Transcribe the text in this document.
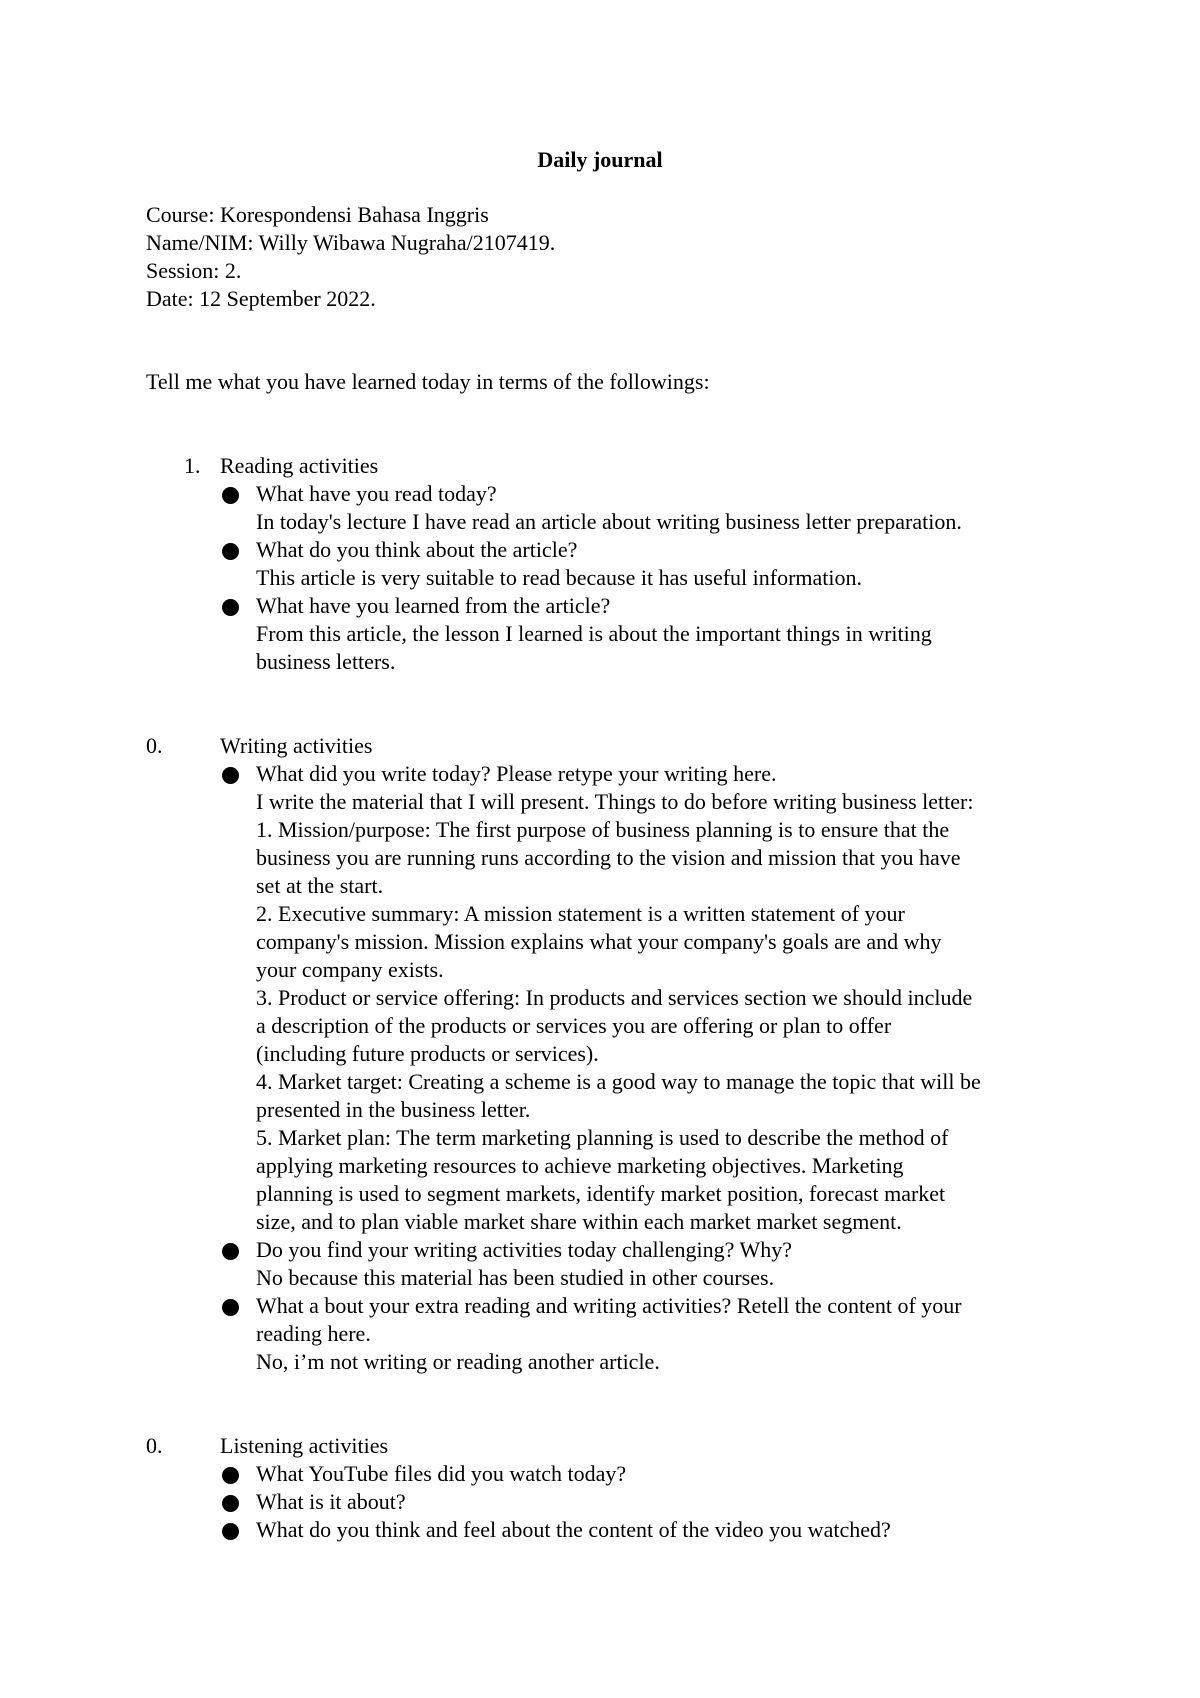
Daily journal
Course: Korespondensi Bahasa Inggris
Name/NIM: Willy Wibawa Nugraha/2107419.
Session: 2.
Date: 12 September 2022.
Tell me what you have learned today in terms of the followings:
1. Reading activities
What have you read today?
In today's lecture I have read an article about writing business letter preparation.
What do you think about the article?
This article is very suitable to read because it has useful information.
What have you learned from the article?
From this article, the lesson I learned is about the important things in writing
business letters.
0.	Writing activities
What did you write today? Please retype your writing here.
I write the material that I will present. Things to do before writing business letter:
1. Mission/purpose: The first purpose of business planning is to ensure that the
business you are running runs according to the vision and mission that you have
set at the start.
2. Executive summary: A mission statement is a written statement of your
company's mission. Mission explains what your company's goals are and why
your company exists.
3. Product or service offering: In products and services section we should include
a description of the products or services you are offering or plan to offer
(including future products or services).
4. Market target: Creating a scheme is a good way to manage the topic that will be
presented in the business letter.
5. Market plan: The term marketing planning is used to describe the method of
applying marketing resources to achieve marketing objectives. Marketing
planning is used to segment markets, identify market position, forecast market
size, and to plan viable market share within each market market segment.
Do you find your writing activities today challenging? Why?
No because this material has been studied in other courses.
What a bout your extra reading and writing activities? Retell the content of your
reading here.
No, i’m not writing or reading another article.
0.	Listening activities
What YouTube files did you watch today?
What is it about?
What do you think and feel about the content of the video you watched?
